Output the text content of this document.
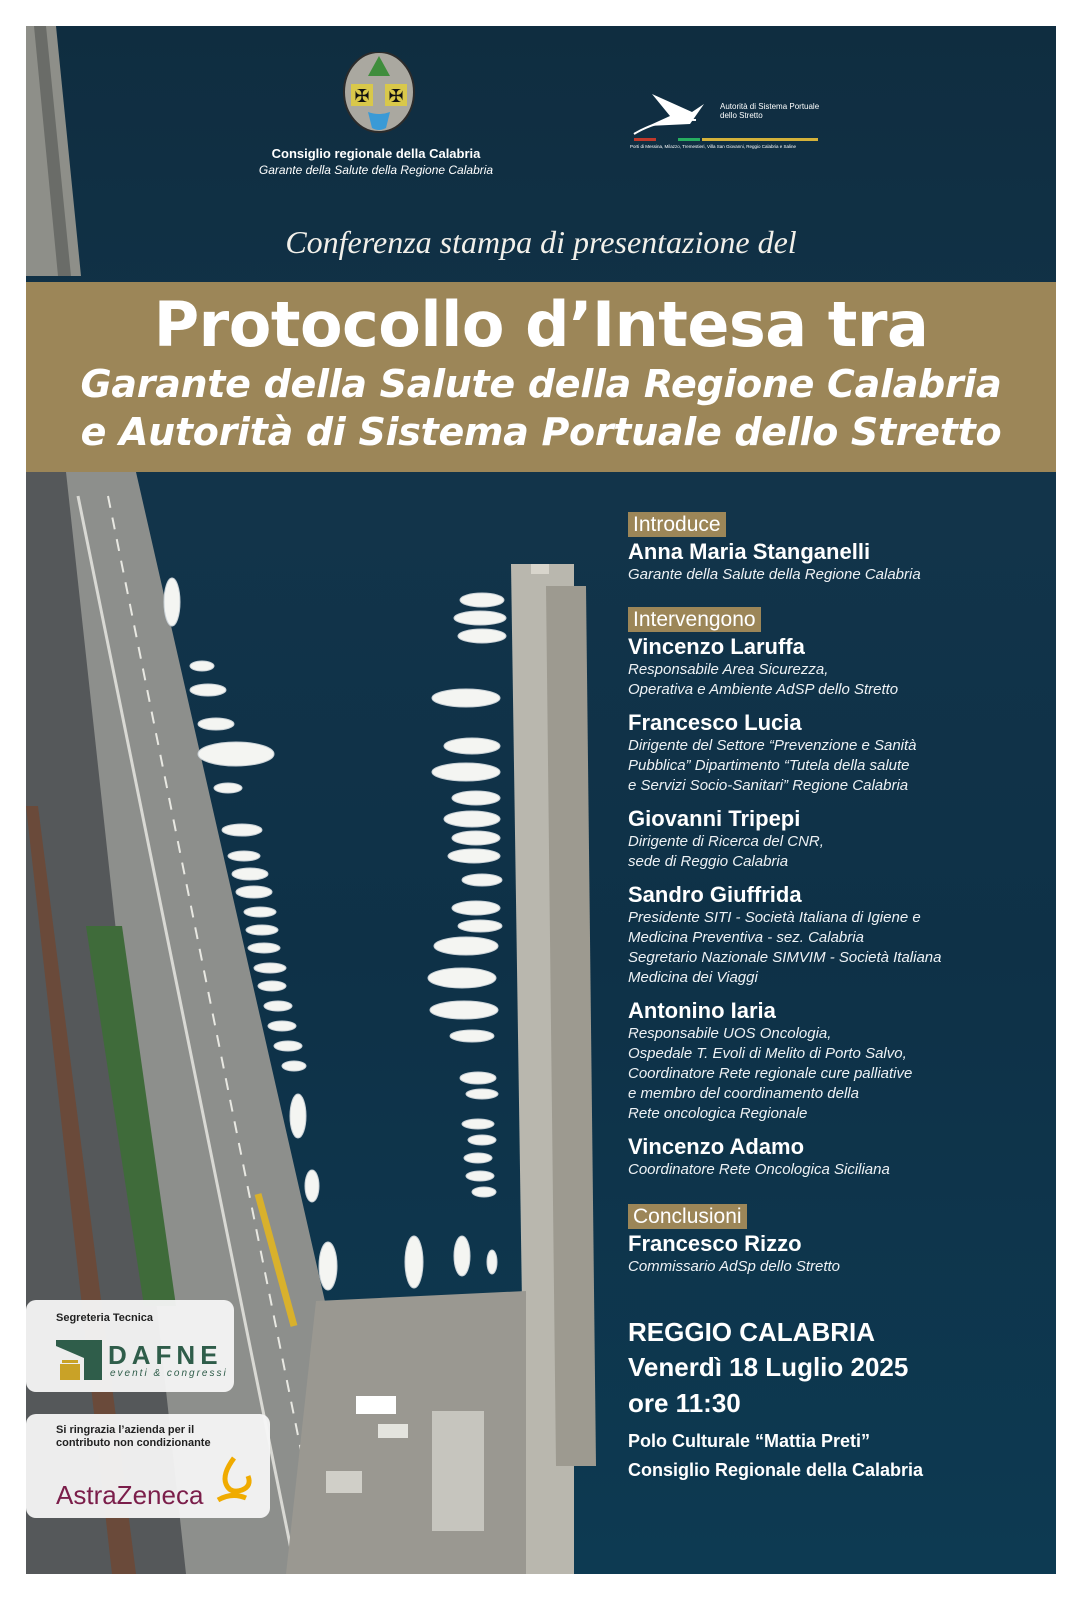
✠ ✠
Consiglio regionale della Calabria
Garante della Salute della Regione Calabria
Autorità di Sistema Portuale dello Stretto
Porti di Messina, Milazzo, Tremestieri, Villa San Giovanni, Reggio Calabria e Saline
Conferenza stampa di presentazione del
Protocollo d’Intesa tra
Garante della Salute della Regione Calabria
e Autorità di Sistema Portuale dello Stretto
Introduce
Anna Maria Stanganelli
Garante della Salute della Regione Calabria
Intervengono
Vincenzo Laruffa
Responsabile Area Sicurezza,
Operativa e Ambiente AdSP dello Stretto
Francesco Lucia
Dirigente del Settore “Prevenzione e Sanità
Pubblica” Dipartimento “Tutela della salute
e Servizi Socio-Sanitari” Regione Calabria
Giovanni Tripepi
Dirigente di Ricerca del CNR,
sede di Reggio Calabria
Sandro Giuffrida
Presidente SITI - Società Italiana di Igiene e
Medicina Preventiva - sez. Calabria
Segretario Nazionale SIMVIM - Società Italiana
Medicina dei Viaggi
Antonino Iaria
Responsabile UOS Oncologia,
Ospedale T. Evoli di Melito di Porto Salvo,
Coordinatore Rete regionale cure palliative
e membro del coordinamento della
Rete oncologica Regionale
Vincenzo Adamo
Coordinatore Rete Oncologica Siciliana
Conclusioni
Francesco Rizzo
Commissario AdSp dello Stretto
REGGIO CALABRIA
Venerdì 18 Luglio 2025
ore 11:30
Polo Culturale “Mattia Preti”
Consiglio Regionale della Calabria
Segreteria Tecnica
DAFNE
eventi & congressi
Si ringrazia l’azienda per il
contributo non condizionante
AstraZeneca
